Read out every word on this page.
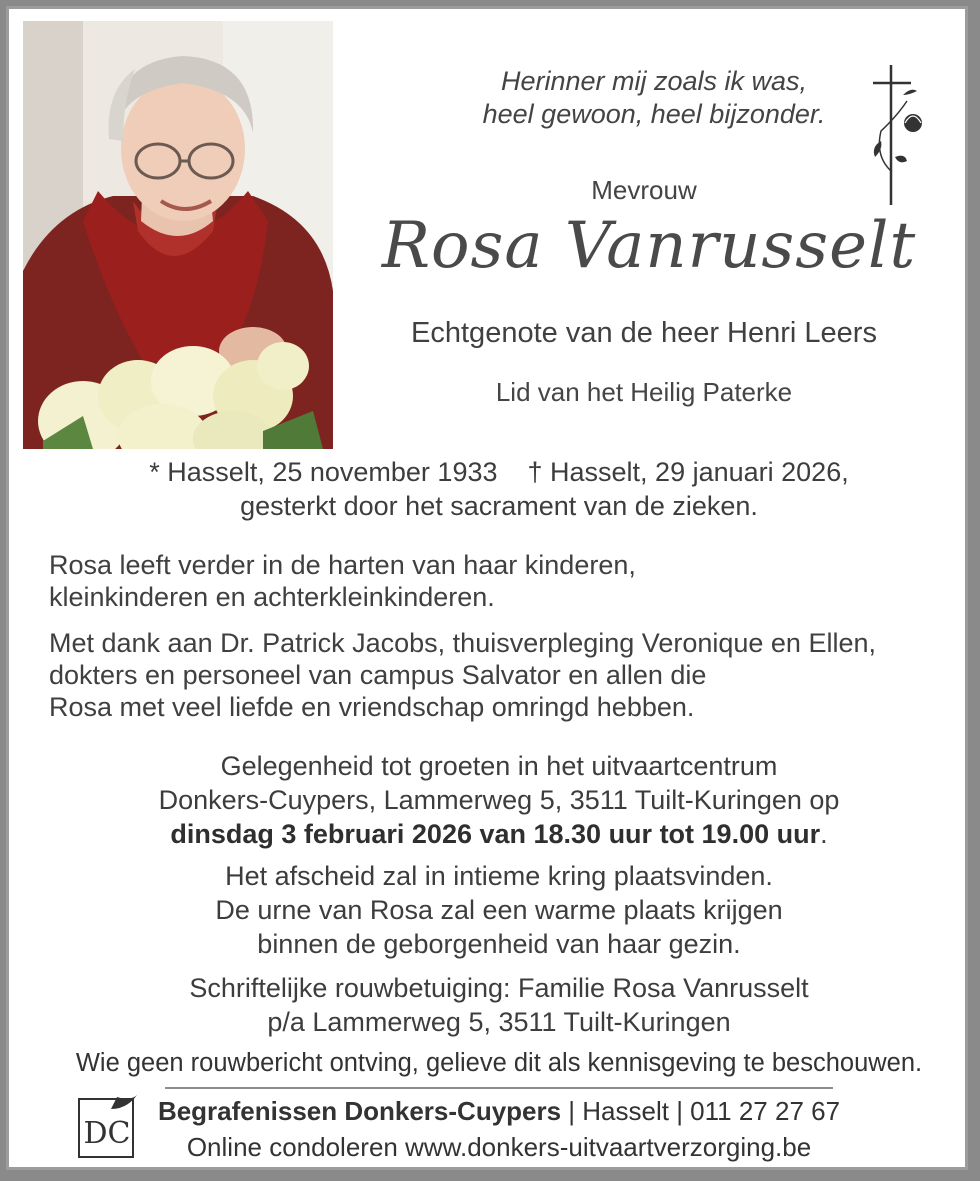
Herinner mij zoals ik was,
heel gewoon, heel bijzonder.
Mevrouw
Rosa Vanrusselt
Echtgenote van de heer Henri Leers
Lid van het Heilig Paterke
* Hasselt, 25 november 1933 † Hasselt, 29 januari 2026,
gesterkt door het sacrament van de zieken.
Rosa leeft verder in de harten van haar kinderen,
kleinkinderen en achterkleinkinderen.
Met dank aan Dr. Patrick Jacobs, thuisverpleging Veronique en Ellen,
dokters en personeel van campus Salvator en allen die
Rosa met veel liefde en vriendschap omringd hebben.
Gelegenheid tot groeten in het uitvaartcentrum
Donkers-Cuypers, Lammerweg 5, 3511 Tuilt-Kuringen op
dinsdag 3 februari 2026 van 18.30 uur tot 19.00 uur.
Het afscheid zal in intieme kring plaatsvinden.
De urne van Rosa zal een warme plaats krijgen
binnen de geborgenheid van haar gezin.
Schriftelijke rouwbetuiging: Familie Rosa Vanrusselt
p/a Lammerweg 5, 3511 Tuilt-Kuringen
Wie geen rouwbericht ontving, gelieve dit als kennisgeving te beschouwen.
DC
Begrafenissen Donkers-Cuypers | Hasselt | 011 27 27 67
Online condoleren www.donkers-uitvaartverzorging.be
